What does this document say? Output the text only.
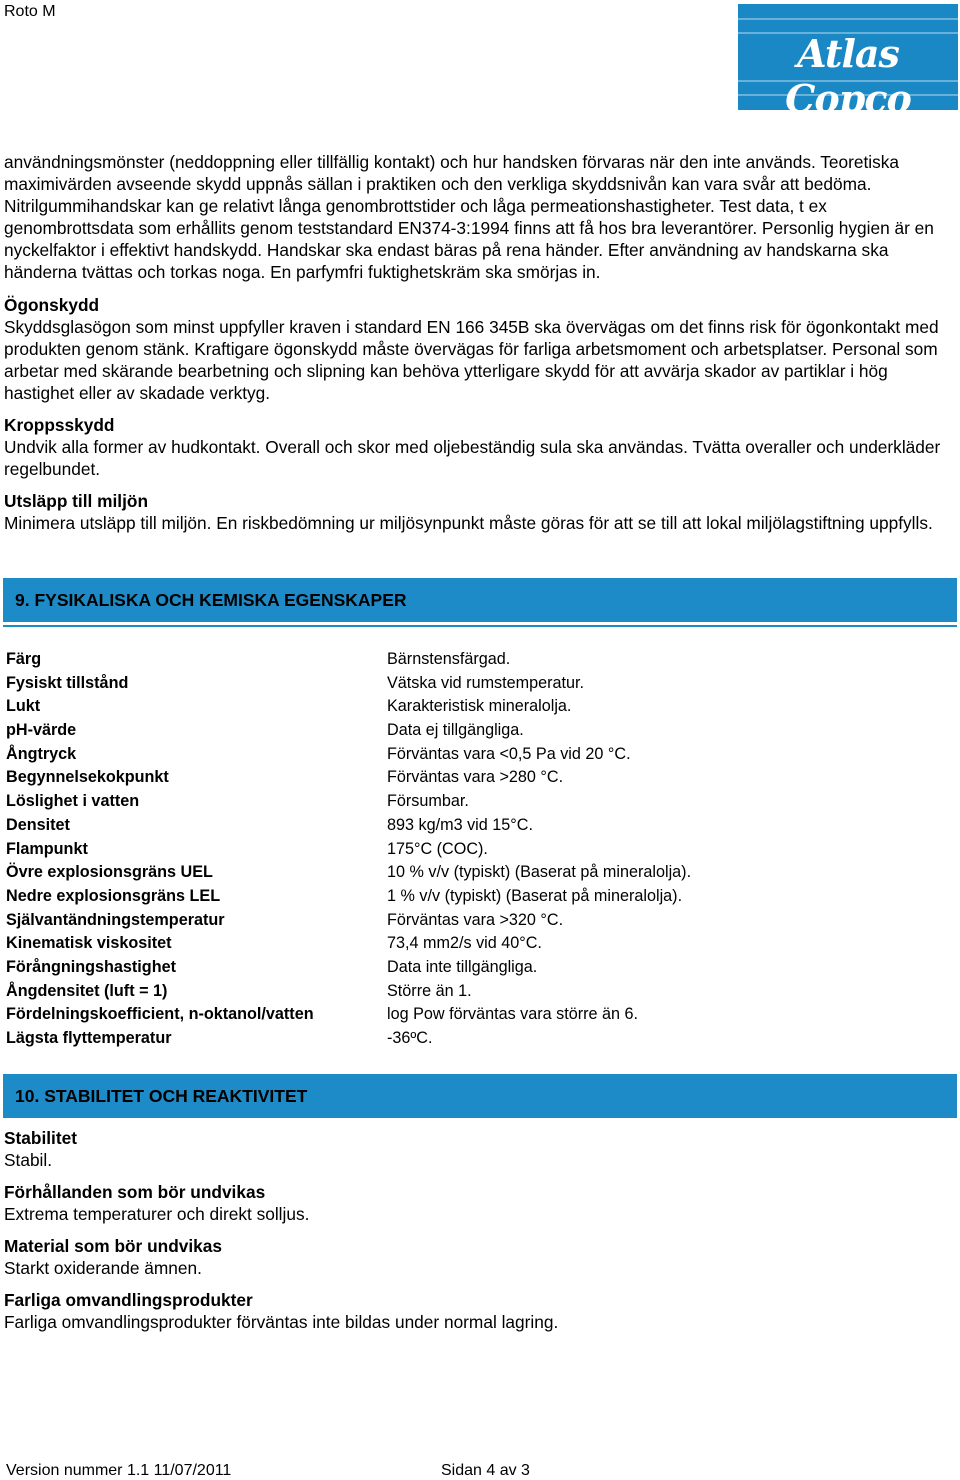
Roto M
Atlas Copco

användningsmönster (neddoppning eller tillfällig kontakt) och hur handsken förvaras när den inte används. Teoretiska maximivärden avseende skydd uppnås sällan i praktiken och den verkliga skyddsnivån kan vara svår att bedöma. Nitrilgummihandskar kan ge relativt långa genombrottstider och låga permeationshastigheter. Test data, t ex genombrottsdata som erhållits genom teststandard EN374-3:1994 finns att få hos bra leverantörer. Personlig hygien är en nyckelfaktor i effektivt handskydd. Handskar ska endast bäras på rena händer. Efter användning av handskarna ska händerna tvättas och torkas noga. En parfymfri fuktighetskräm ska smörjas in.

Ögonskydd

Skyddsglasögon som minst uppfyller kraven i standard EN 166 345B ska övervägas om det finns risk för ögonkontakt med produkten genom stänk. Kraftigare ögonskydd måste övervägas för farliga arbetsmoment och arbetsplatser. Personal som arbetar med skärande bearbetning och slipning kan behöva ytterligare skydd för att avvärja skador av partiklar i hög hastighet eller av skadade verktyg.

Kroppsskydd

Undvik alla former av hudkontakt. Overall och skor med oljebeständig sula ska användas. Tvätta overaller och underkläder regelbundet.

Utsläpp till miljön

Minimera utsläpp till miljön. En riskbedömning ur miljösynpunkt måste göras för att se till att lokal miljölagstiftning uppfylls.

9. FYSIKALISKA OCH KEMISKA EGENSKAPER
Färg	Bärnstensfärgad.
Fysiskt tillstånd	Vätska vid rumstemperatur.
Lukt	Karakteristisk mineralolja.
pH-värde	Data ej tillgängliga.
Ångtryck	Förväntas vara <0,5 Pa vid 20 °C.
Begynnelsekokpunkt	Förväntas vara >280 °C.
Löslighet i vatten	Försumbar.
Densitet	893 kg/m3 vid 15°C.
Flampunkt	175°C (COC).
Övre explosionsgräns UEL	10 % v/v (typiskt) (Baserat på mineralolja).
Nedre explosionsgräns LEL	1 % v/v (typiskt) (Baserat på mineralolja).
Självantändningstemperatur	Förväntas vara >320 °C.
Kinematisk viskositet	73,4 mm2/s vid 40°C.
Förångningshastighet	Data inte tillgängliga.
Ångdensitet (luft = 1)	Större än 1.
Fördelningskoefficient, n-oktanol/vatten	log Pow förväntas vara större än 6.
Lägsta flyttemperatur	-36ºC.
10. STABILITET OCH REAKTIVITET

Stabilitet

Stabil.

Förhållanden som bör undvikas

Extrema temperaturer och direkt solljus.

Material som bör undvikas

Starkt oxiderande ämnen.

Farliga omvandlingsprodukter

Farliga omvandlingsprodukter förväntas inte bildas under normal lagring.

Version nummer 1.1 11/07/2011	Sidan 4 av 3
